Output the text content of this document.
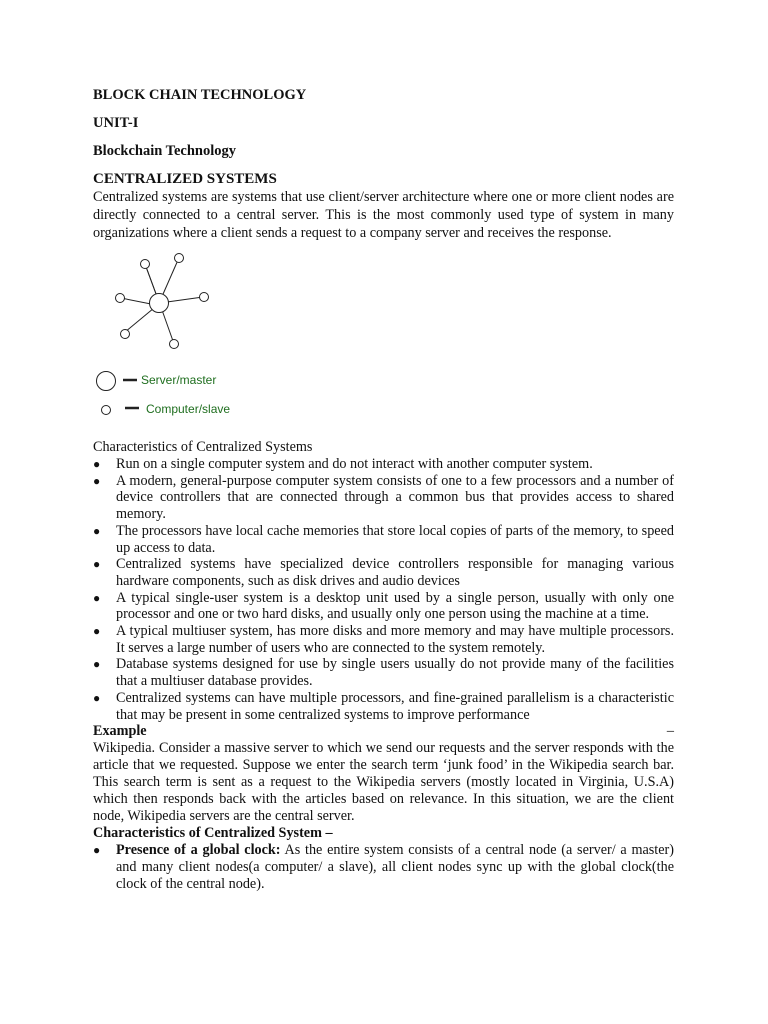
BLOCK CHAIN TECHNOLOGY
UNIT-I
Blockchain Technology
CENTRALIZED SYSTEMS

Centralized systems are systems that use client/server architecture where one or more client nodes are directly connected to a central server. This is the most commonly used type of system in many organizations where a client sends a request to a company server and receives the response.

Server/master
Computer/slave
Characteristics of Centralized Systems
● Run on a single computer system and do not interact with another computer system.
● A modern, general-purpose computer system consists of one to a few processors and a number of device controllers that are connected through a common bus that provides access to shared memory.
● The processors have local cache memories that store local copies of parts of the memory, to speed up access to data.
● Centralized systems have specialized device controllers responsible for managing various hardware components, such as disk drives and audio devices
● A typical single-user system is a desktop unit used by a single person, usually with only one processor and one or two hard disks, and usually only one person using the machine at a time.
● A typical multiuser system, has more disks and more memory and may have multiple processors. It serves a large number of users who are connected to the system remotely.
● Database systems designed for use by single users usually do not provide many of the facilities that a multiuser database provides.
● Centralized systems can have multiple processors, and fine-grained parallelism is a characteristic that may be present in some centralized systems to improve performance
Example	–

Wikipedia. Consider a massive server to which we send our requests and the server responds with the article that we requested. Suppose we enter the search term ‘junk food’ in the Wikipedia search bar. This search term is sent as a request to the Wikipedia servers (mostly located in Virginia, U.S.A) which then responds back with the articles based on relevance. In this situation, we are the client node, Wikipedia servers are the central server.

Characteristics of Centralized System –
● Presence of a global clock: As the entire system consists of a central node (a server/ a master) and many client nodes(a computer/ a slave), all client nodes sync up with the global clock(the clock of the central node).
